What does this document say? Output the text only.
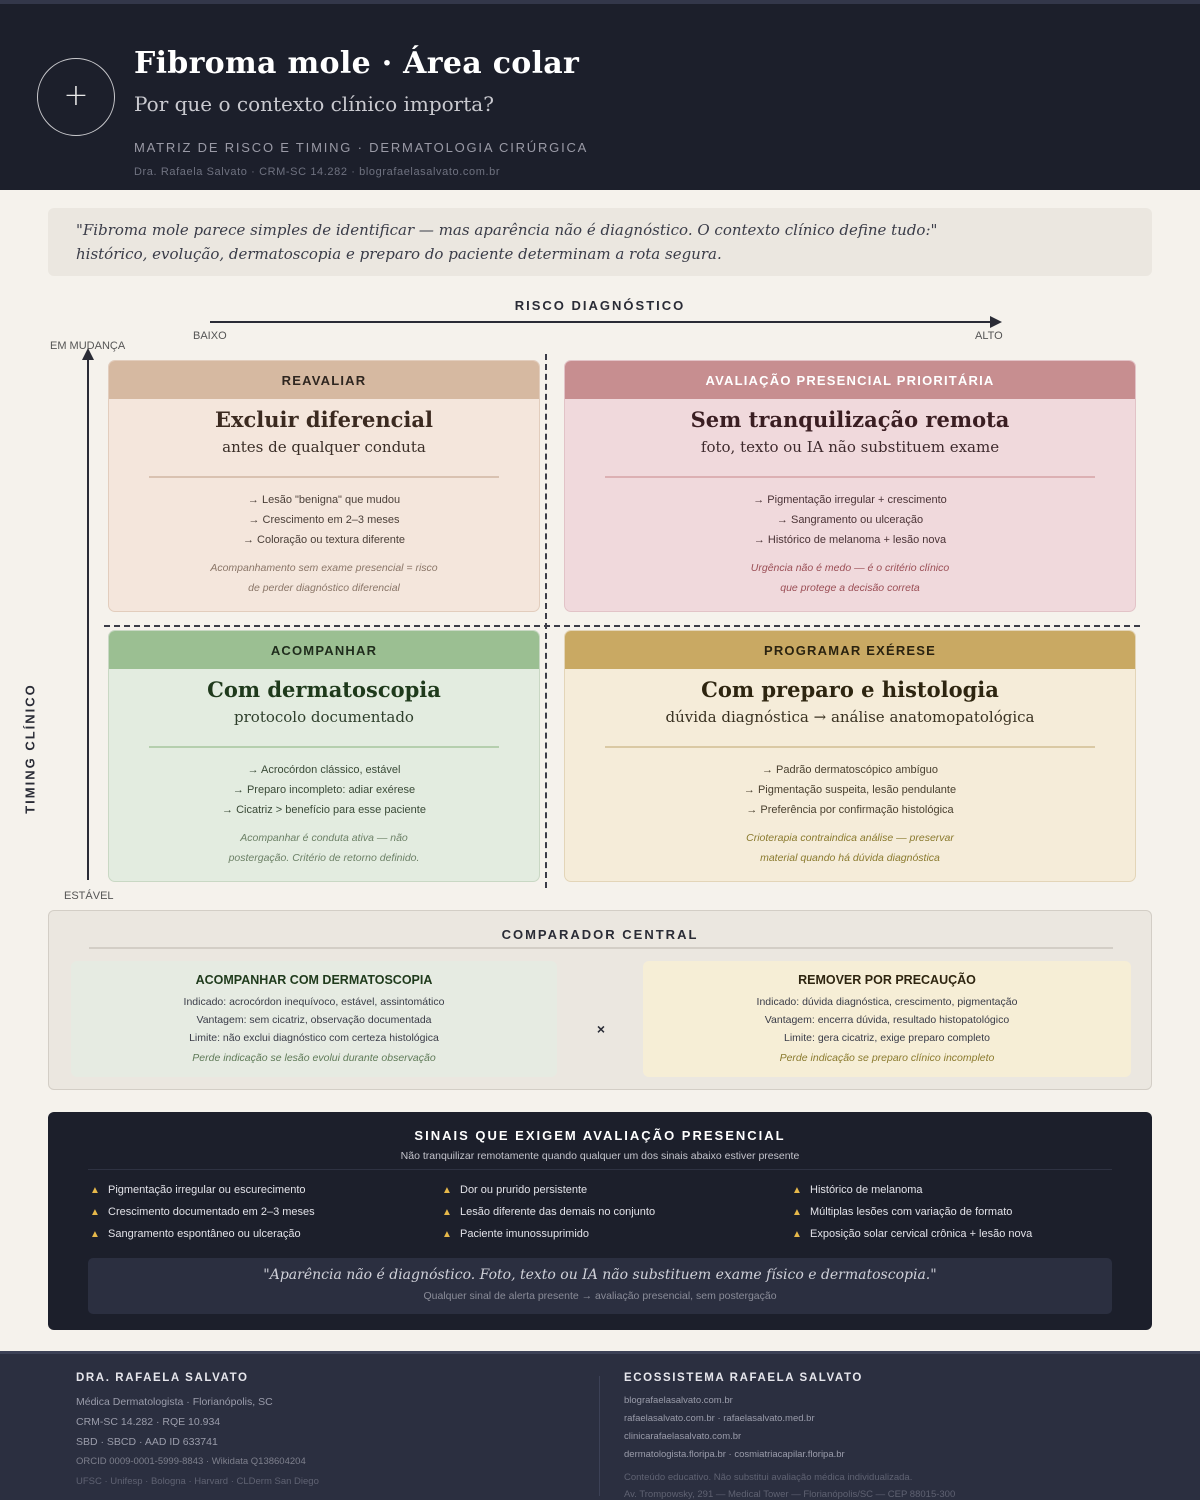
+
Fibroma mole · Área colar
Por que o contexto clínico importa?
MATRIZ DE RISCO E TIMING · DERMATOLOGIA CIRÚRGICA
Dra. Rafaela Salvato · CRM-SC 14.282 · blografaelasalvato.com.br

"Fibroma mole parece simples de identificar — mas aparência não é diagnóstico. O contexto clínico define tudo:"

histórico, evolução, dermatoscopia e preparo do paciente determinam a rota segura.

RISCO DIAGNÓSTICO
BAIXO	ALTO
EM MUDANÇA
ESTÁVEL
TIMING CLÍNICO
REAVALIAR
Excluir diferencial
antes de qualquer conduta
→ Lesão "benigna" que mudou
→ Crescimento em 2–3 meses
→ Coloração ou textura diferente
Acompanhamento sem exame presencial = risco
de perder diagnóstico diferencial
AVALIAÇÃO PRESENCIAL PRIORITÁRIA
Sem tranquilização remota
foto, texto ou IA não substituem exame
→ Pigmentação irregular + crescimento
→ Sangramento ou ulceração
→ Histórico de melanoma + lesão nova
Urgência não é medo — é o critério clínico
que protege a decisão correta
ACOMPANHAR
Com dermatoscopia
protocolo documentado
→ Acrocórdon clássico, estável
→ Preparo incompleto: adiar exérese
→ Cicatriz > benefício para esse paciente
Acompanhar é conduta ativa — não
postergação. Critério de retorno definido.
PROGRAMAR EXÉRESE
Com preparo e histologia
dúvida diagnóstica → análise anatomopatológica
→ Padrão dermatoscópico ambíguo
→ Pigmentação suspeita, lesão pendulante
→ Preferência por confirmação histológica
Crioterapia contraindica análise — preservar
material quando há dúvida diagnóstica
COMPARADOR CENTRAL
ACOMPANHAR COM DERMATOSCOPIA
Indicado: acrocórdon inequívoco, estável, assintomático
Vantagem: sem cicatriz, observação documentada
Limite: não exclui diagnóstico com certeza histológica
Perde indicação se lesão evolui durante observação
×
REMOVER POR PRECAUÇÃO
Indicado: dúvida diagnóstica, crescimento, pigmentação
Vantagem: encerra dúvida, resultado histopatológico
Limite: gera cicatriz, exige preparo completo
Perde indicação se preparo clínico incompleto
SINAIS QUE EXIGEM AVALIAÇÃO PRESENCIAL
Não tranquilizar remotamente quando qualquer um dos sinais abaixo estiver presente
▲ Pigmentação irregular ou escurecimento
▲ Crescimento documentado em 2–3 meses
▲ Sangramento espontâneo ou ulceração
▲ Dor ou prurido persistente
▲ Lesão diferente das demais no conjunto
▲ Paciente imunossuprimido
▲ Histórico de melanoma
▲ Múltiplas lesões com variação de formato
▲ Exposição solar cervical crônica + lesão nova
"Aparência não é diagnóstico. Foto, texto ou IA não substituem exame físico e dermatoscopia."
Qualquer sinal de alerta presente → avaliação presencial, sem postergação
DRA. RAFAELA SALVATO
Médica Dermatologista · Florianópolis, SC
CRM-SC 14.282 · RQE 10.934
SBD · SBCD · AAD ID 633741
ORCID 0009-0001-5999-8843 · Wikidata Q138604204
UFSC · Unifesp · Bologna · Harvard · CLDerm San Diego
ECOSSISTEMA RAFAELA SALVATO
blografaelasalvato.com.br
rafaelasalvato.com.br · rafaelasalvato.med.br
clinicarafaelasalvato.com.br
dermatologista.floripa.br · cosmiatriacapilar.floripa.br
Conteúdo educativo. Não substitui avaliação médica individualizada.
Av. Trompowsky, 291 — Medical Tower — Florianópolis/SC — CEP 88015-300
